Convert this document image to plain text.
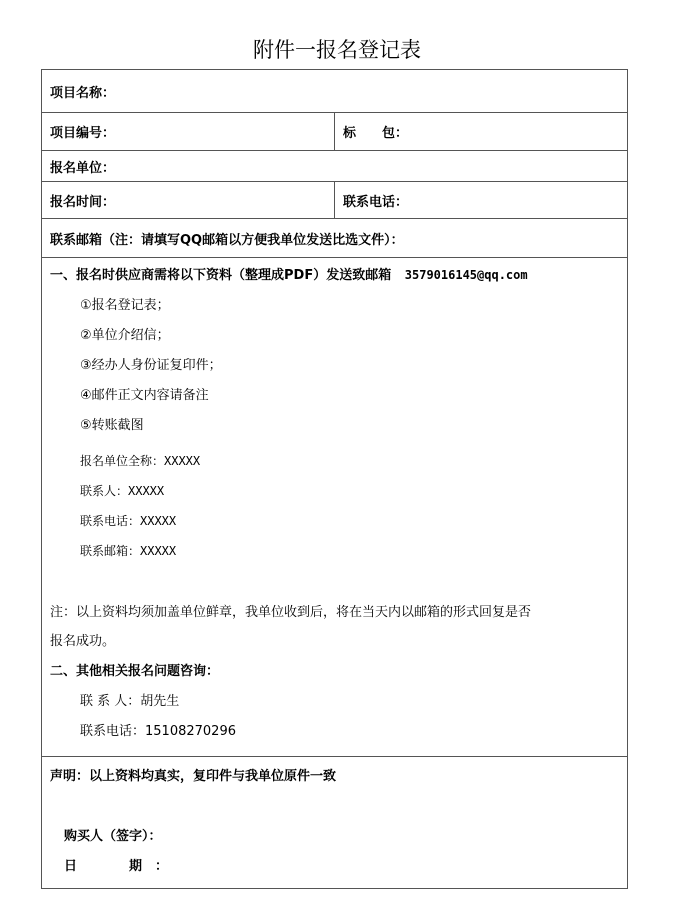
附件一报名登记表
项目名称：
项目编号：	标　　包：
报名单位：
报名时间：	联系电话：
联系邮箱（注：请填写QQ邮箱以方便我单位发送比选文件）：
一、报名时供应商需将以下资料（整理成PDF）发送致邮箱 3579016145@qq.com
①报名登记表；
②单位介绍信；
③经办人身份证复印件；
④邮件正文内容请备注
⑤转账截图
报名单位全称：XXXXX
联系人：XXXXX
联系电话：XXXXX
联系邮箱：XXXXX
注：以上资料均须加盖单位鲜章，我单位收到后，将在当天内以邮箱的形式回复是否
报名成功。
二、其他相关报名问题咨询：
联 系 人：胡先生
联系电话：15108270296
声明：以上资料均真实，复印件与我单位原件一致
购买人（签字）：
日　　　　期　：
